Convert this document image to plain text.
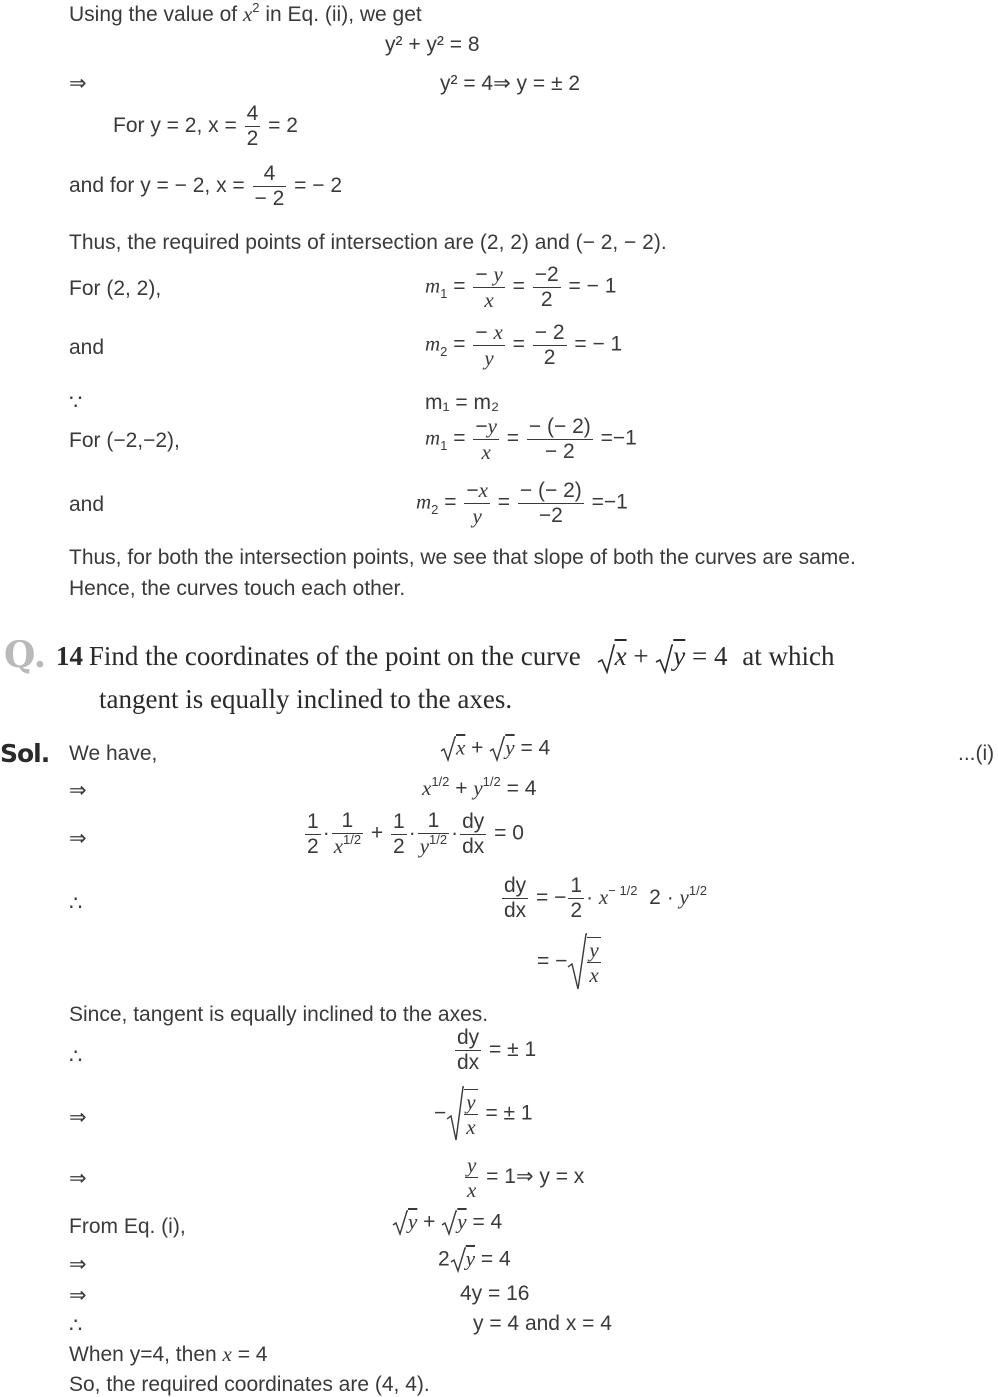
Using the value of $x^2$ in Eq. (ii), we get
y² + y² = 8
⇒	y² = 4⇒ y = ± 2
For y = 2, $x = \frac{4}{2} = 2$
and for y = − 2, $x = \frac{4}{- 2}$ = − 2
Thus, the required points of intersection are (2, 2) and (− 2, − 2).
For (2, 2),	$m_1 = \frac{- y}{x} = \frac{-2}{2}$ = − 1
and	$m_2 = \frac{- x}{y} = \frac{- 2}{2}$ = − 1
∵	m₁ = m₂
For (−2,−2),	$m_1 = \frac{-y}{x} = \frac{- (- 2)}{- 2} =-1$
and	$m_2 = \frac{-x}{y} = \frac{- (- 2)}{-2} =-1$
Thus, for both the intersection points, we see that slope of both the curves are same.
Hence, the curves touch each other.
Q. 14 Find the coordinates of the point on the curve $\overline{x} + \overline{y} = 4$ at which
tangent is equally inclined to the axes.
Sol. We have,	$\overline{x} + \overline{y} = 4$	...(i)
⇒	$x^{1/2} + y^{1/2} = 4$
⇒	$\frac{1}{2} \cdot \frac{1}{x^{1/2}} + \frac{1}{2} \cdot \frac{1}{y^{1/2}} \cdot \frac{dy}{dx} = 0$
∴	$\frac{dy}{dx}$ = − $\frac{1}{2} \cdot x^{- 1/2}$  $2 \cdot y^{1/2}$
= − $\frac{y}{x}$
Since, tangent is equally inclined to the axes.
∴	$\frac{dy}{dx}$ = ± 1
⇒	− $\frac{y}{x}$ = ± 1
⇒	$\frac{y}{x}$ = 1⇒ y = x
From Eq. (i),	$\overline{y} + \overline{y} = 4$
⇒	2 $\overline{y} = 4$
⇒	4y = 16
∴	y = 4 and x = 4
When y=4, then x = 4
So, the required coordinates are (4, 4).
